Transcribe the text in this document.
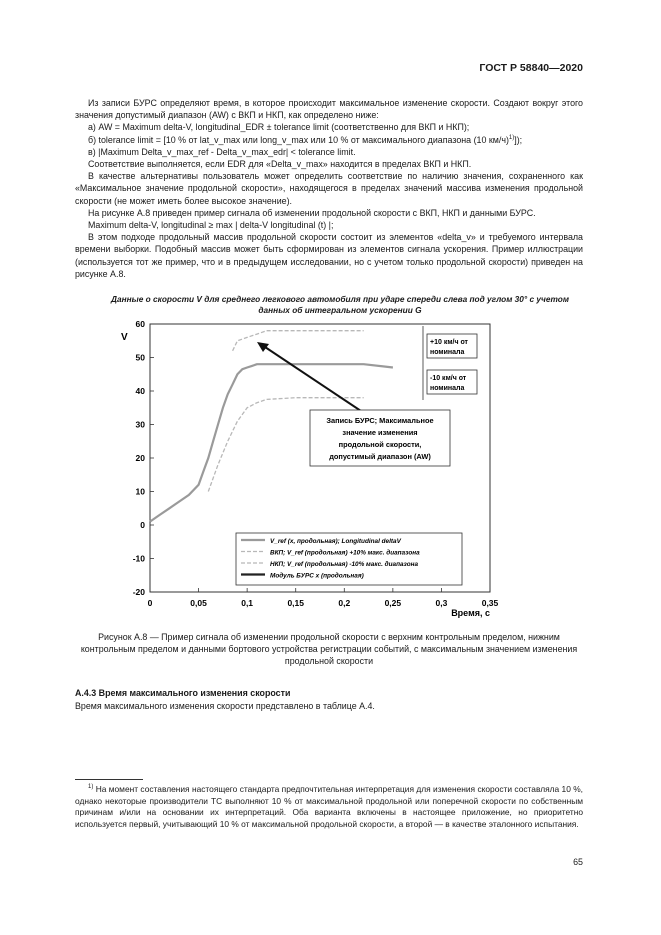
ГОСТ Р 58840—2020

Из записи БУРС определяют время, в которое происходит максимальное изменение скорости. Создают вокруг этого значения допустимый диапазон (AW) с ВКП и НКП, как определено ниже:

а) AW = Maximum delta-V, longitudinal_EDR ± tolerance limit (соответственно для ВКП и НКП);

б) tolerance limit = [10 % от lat_v_max или long_v_max или 10 % от максимального диапазона (10 км/ч)$^{1)}$]);

в) |Maximum Delta_v_max_ref - Delta_v_max_edr| < tolerance limit.

Соответствие выполняется, если EDR для «Delta_v_max» находится в пределах ВКП и НКП.

В качестве альтернативы пользователь может определить соответствие по наличию значения, сохраненного как «Максимальное значение продольной скорости», находящегося в пределах значений массива изменения продольной скорости (не может иметь более высокое значение).

На рисунке А.8 приведен пример сигнала об изменении продольной скорости с ВКП, НКП и данными БУРС.

Maximum delta-V, longitudinal ≥ max | delta-V longitudinal (t) |;

В этом подходе продольный массив продольной скорости состоит из элементов «delta_v» и требуемого интервала времени выборки. Подобный массив может быть сформирован из элементов сигнала ускорения. Пример иллюстрации (используется тот же пример, что и в предыдущем исследовании, но с учетом только продольной скорости) приведен на рисунке А.8.

Данные о скорости V для среднего легкового автомобиля при ударе спереди слева под углом 30° с учетом данных об интегральном ускорении G
60
50
40
30
20
10
0
-10
-20
0	0,05	0,1	0,15	0,2	0,25	0,3	0,35
V
Время, с
+10 км/ч от
номинала
-10 км/ч от
номинала
Запись БУРС; Максимальное
значение изменения
продольной скорости,
допустимый диапазон (AW)
V_ref (x, продольная); Longitudinal deltaV
ВКП; V_ref (продольная) +10% макс. диапазона
НКП; V_ref (продольная) -10% макс. диапазона
Модуль БУРС х (продольная)
Рисунок А.8 — Пример сигнала об изменении продольной скорости с верхним контрольным пределом, нижним контрольным пределом и данными бортового устройства регистрации событий, с максимальным значением изменения продольной скорости
А.4.3 Время максимального изменения скорости
Время максимального изменения скорости представлено в таблице А.4.
$^{1)}$ На момент составления настоящего стандарта предпочтительная интерпретация для изменения скорости составляла 10 %, однако некоторые производители ТС выполняют 10 % от максимальной продольной или поперечной скорости по собственным причинам и/или на основании их интерпретаций. Оба варианта включены в настоящее приложение, но приоритетно используется первый, учитывающий 10 % от максимальной продольной скорости, а второй — в качестве эталонного испытания.
65
